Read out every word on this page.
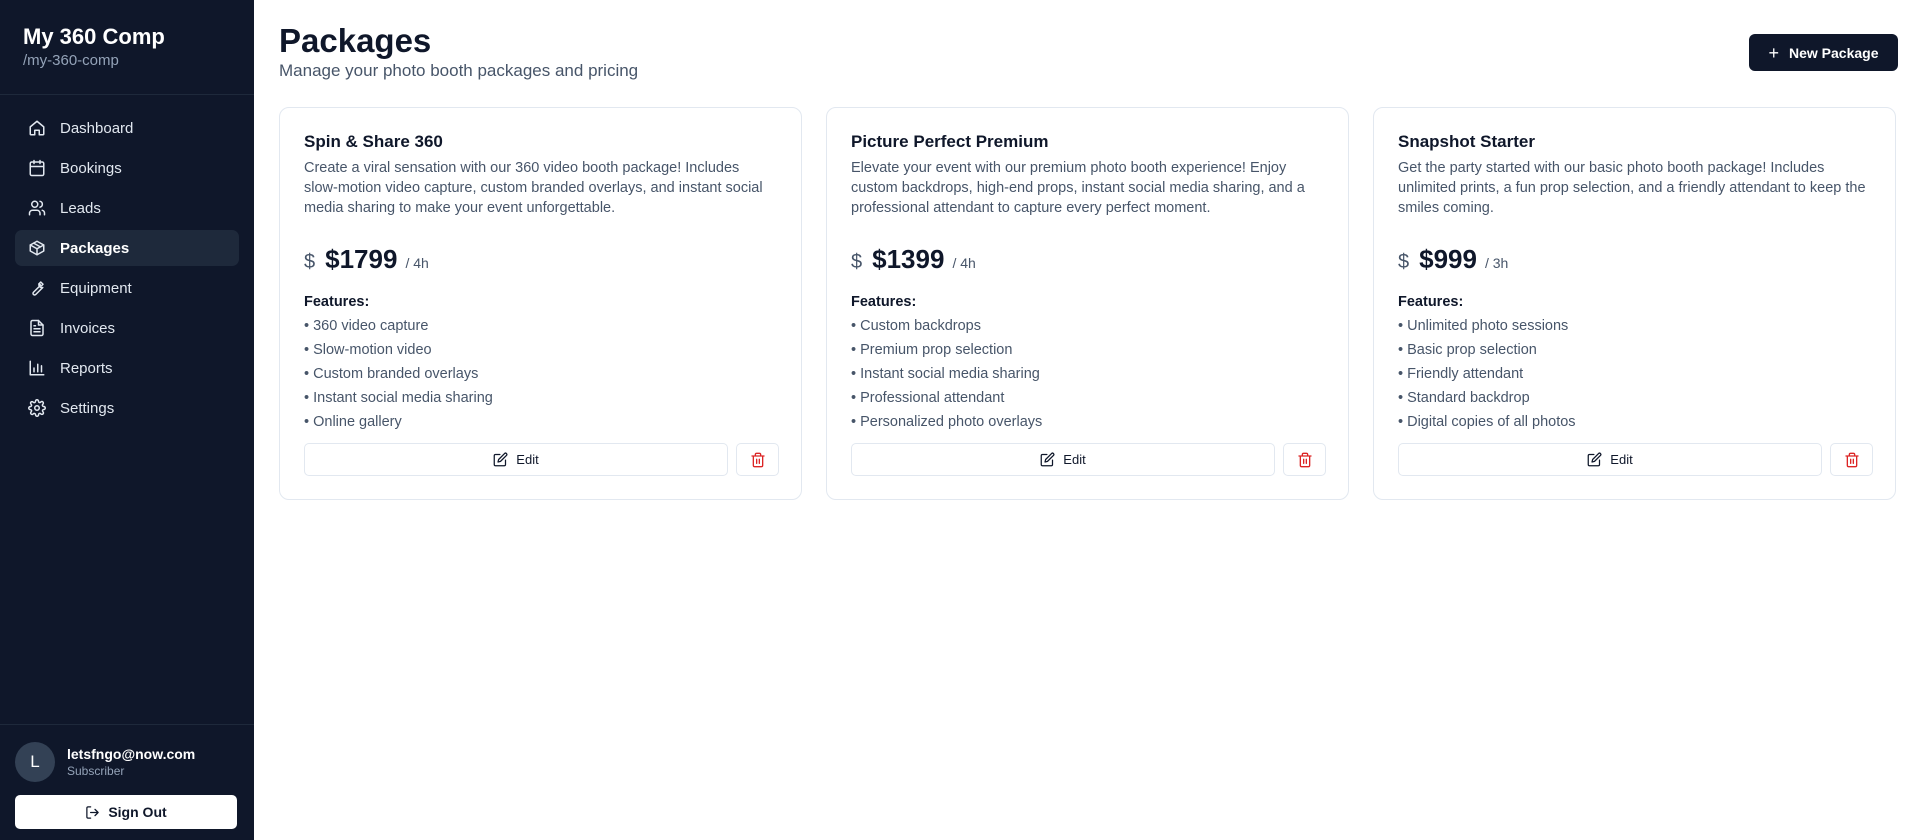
My 360 Comp
/my-360-comp
Dashboard
Bookings
Leads
Packages
Equipment
Invoices
Reports
Settings
L	letsfngo@now.com
Subscriber
Sign Out
Packages
Manage your photo booth packages and pricing
+ New Package
Spin & Share 360
Create a viral sensation with our 360 video booth package! Includes slow-motion video capture, custom branded overlays, and instant social media sharing to make your event unforgettable.
$ $1799 / 4h
Features:
• 360 video capture
• Slow-motion video
• Custom branded overlays
• Instant social media sharing
• Online gallery
Edit
Picture Perfect Premium
Elevate your event with our premium photo booth experience! Enjoy custom backdrops, high-end props, instant social media sharing, and a professional attendant to capture every perfect moment.
$ $1399 / 4h
Features:
• Custom backdrops
• Premium prop selection
• Instant social media sharing
• Professional attendant
• Personalized photo overlays
Edit
Snapshot Starter
Get the party started with our basic photo booth package! Includes unlimited prints, a fun prop selection, and a friendly attendant to keep the smiles coming.
$ $999 / 3h
Features:
• Unlimited photo sessions
• Basic prop selection
• Friendly attendant
• Standard backdrop
• Digital copies of all photos
Edit
